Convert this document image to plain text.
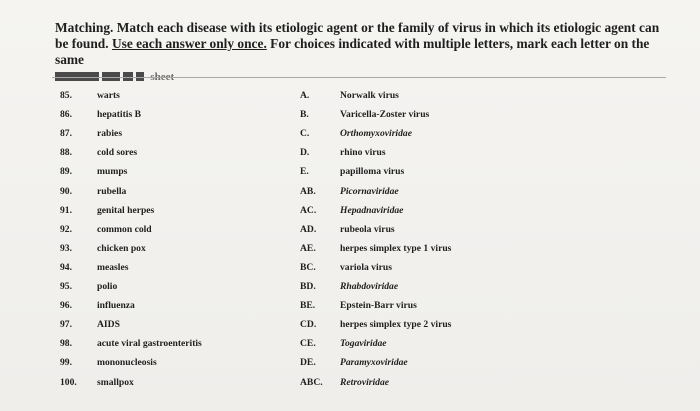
Matching. Match each disease with its etiologic agent or the family of virus in which its etiologic agent can be found. Use each answer only once. For choices indicated with multiple letters, mark each letter on the same
sheet
85.	warts	A.	Norwalk virus
86.	hepatitis B	B.	Varicella-Zoster virus
87.	rabies	C.	Orthomyxoviridae
88.	cold sores	D.	rhino virus
89.	mumps	E.	papilloma virus
90.	rubella	AB.	Picornaviridae
91.	genital herpes	AC.	Hepadnaviridae
92.	common cold	AD.	rubeola virus
93.	chicken pox	AE.	herpes simplex type 1 virus
94.	measles	BC.	variola virus
95.	polio	BD.	Rhabdoviridae
96.	influenza	BE.	Epstein-Barr virus
97.	AIDS	CD.	herpes simplex type 2 virus
98.	acute viral gastroenteritis	CE.	Togaviridae
99.	mononucleosis	DE.	Paramyxoviridae
100.	smallpox	ABC.	Retroviridae
